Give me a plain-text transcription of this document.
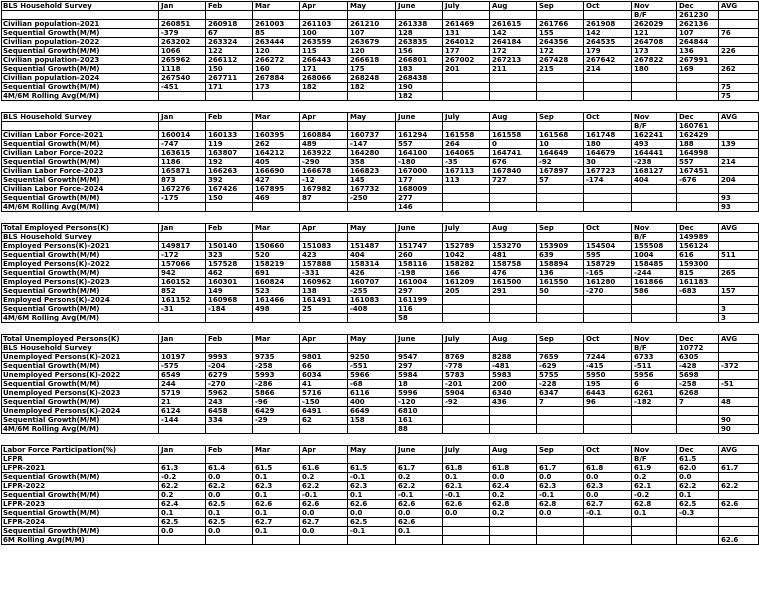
BLS Household Survey	Jan	Feb	Mar	Apr	May	June	July	Aug	Sep	Oct	Nov	Dec	AVG
											B/F	261230	
Civilian population-2021	260851	260918	261003	261103	261210	261338	261469	261615	261766	261908	262029	262136	
Sequential Growth(M/M)	-379	67	85	100	107	128	131	142	155	142	121	107	76
Civilian population-2022	263202	263324	263444	263559	263679	263835	264012	264184	264356	264535	264708	264844	
Sequential Growth(M/M)	1066	122	120	115	120	156	177	172	172	179	173	136	226
Civilian population-2023	265962	266112	266272	266443	266618	266801	267002	267213	267428	267642	267822	267991	
Sequential Growth(M/M)	1118	150	160	171	175	183	201	211	215	214	180	169	262
Civilian population-2024	267540	267711	267884	268066	268248	268438							
Sequential Growth(M/M)	-451	171	173	182	182	190							75
4M/6M Rolling Avg(M/M)						182							75
BLS Household Survey	Jan	Feb	Mar	Apr	May	June	July	Aug	Sep	Oct	Nov	Dec	AVG
											B/F	160761	
Civilian Labor Force-2021	160014	160133	160395	160884	160737	161294	161558	161558	161568	161748	162241	162429	
Sequential Growth(M/M)	-747	119	262	489	-147	557	264	0	10	180	493	188	139
Civilian Labor Force-2022	163615	163807	164212	163922	164280	164100	164065	164741	164649	164679	164441	164998	
Sequential Growth(M/M)	1186	192	405	-290	358	-180	-35	676	-92	30	-238	557	214
Civilian Labor Force-2023	165871	166263	166690	166678	166823	167000	167113	167840	167897	167723	168127	167451	
Sequential Growth(M/M)	873	392	427	-12	145	177	113	727	57	-174	404	-676	204
Civilian Labor Force-2024	167276	167426	167895	167982	167732	168009							
Sequential Growth(M/M)	-175	150	469	87	-250	277							93
4M/6M Rolling Avg(M/M)						146							93
Total Employed Persons(K)	Jan	Feb	Mar	Apr	May	June	July	Aug	Sep	Oct	Nov	Dec	AVG
BLS Household Survey											B/F	149989	
Employed Persons(K)-2021	149817	150140	150660	151083	151487	151747	152789	153270	153909	154504	155508	156124	
Sequential Growth(M/M)	-172	323	520	423	404	260	1042	481	639	595	1004	616	511
Employed Persons(K)-2022	157066	157528	158219	157888	158314	158116	158282	158758	158894	158729	158485	159300	
Sequential Growth(M/M)	942	462	691	-331	426	-198	166	476	136	-165	-244	815	265
Employed Persons(K)-2023	160152	160301	160824	160962	160707	161004	161209	161500	161550	161280	161866	161183	
Sequential Growth(M/M)	852	149	523	138	-255	297	205	291	50	-270	586	-683	157
Employed Persons(K)-2024	161152	160968	161466	161491	161083	161199							
Sequential Growth(M/M)	-31	-184	498	25	-408	116							3
4M/6M Rolling Avg(M/M)						58							3
Total Unemployed Persons(K)	Jan	Feb	Mar	Apr	May	June	July	Aug	Sep	Oct	Nov	Dec	AVG
BLS Household Survey											B/F	10772	
Unemployed Persons(K)-2021	10197	9993	9735	9801	9250	9547	8769	8288	7659	7244	6733	6305	
Sequential Growth(M/M)	-575	-204	-258	66	-551	297	-778	-481	-629	-415	-511	-428	-372
Unemployed Persons(K)-2022	6549	6279	5993	6034	5966	5984	5783	5983	5755	5950	5956	5698	
Sequential Growth(M/M)	244	-270	-286	41	-68	18	-201	200	-228	195	6	-258	-51
Unemployed Persons(K)-2023	5719	5962	5866	5716	6116	5996	5904	6340	6347	6443	6261	6268	
Sequential Growth(M/M)	21	243	-96	-150	400	-120	-92	436	7	96	-182	7	48
Unemployed Persons(K)-2024	6124	6458	6429	6491	6649	6810							
Sequential Growth(M/M)	-144	334	-29	62	158	161							90
4M/6M Rolling Avg(M/M)						88							90
Labor Force Participation(%)	Jan	Feb	Mar	Apr	May	June	July	Aug	Sep	Oct	Nov	Dec	AVG
LFPR											B/F	61.5	
LFPR-2021	61.3	61.4	61.5	61.6	61.5	61.7	61.8	61.8	61.7	61.8	61.9	62.0	61.7
Sequential Growth(M/M)	-0.2	0.0	0.1	0.2	-0.1	0.2	0.1	0.0	0.0	0.0	0.2	0.0	
LFPR-2022	62.2	62.2	62.3	62.2	62.3	62.2	62.1	62.4	62.3	62.3	62.1	62.2	62.2
Sequential Growth(M/M)	0.2	0.0	0.1	-0.1	0.1	-0.1	-0.1	0.2	-0.1	0.0	-0.2	0.1	
LFPR-2023	62.4	62.5	62.6	62.6	62.6	62.6	62.6	62.8	62.8	62.7	62.8	62.5	62.6
Sequential Growth(M/M)	0.1	0.1	0.1	0.0	0.0	0.0	0.0	0.2	0.0	-0.1	0.1	-0.3	
LFPR-2024	62.5	62.5	62.7	62.7	62.5	62.6							
Sequential Growth(M/M)	0.0	0.0	0.1	0.0	-0.1	0.1							
6M Rolling Avg(M/M)													62.6
